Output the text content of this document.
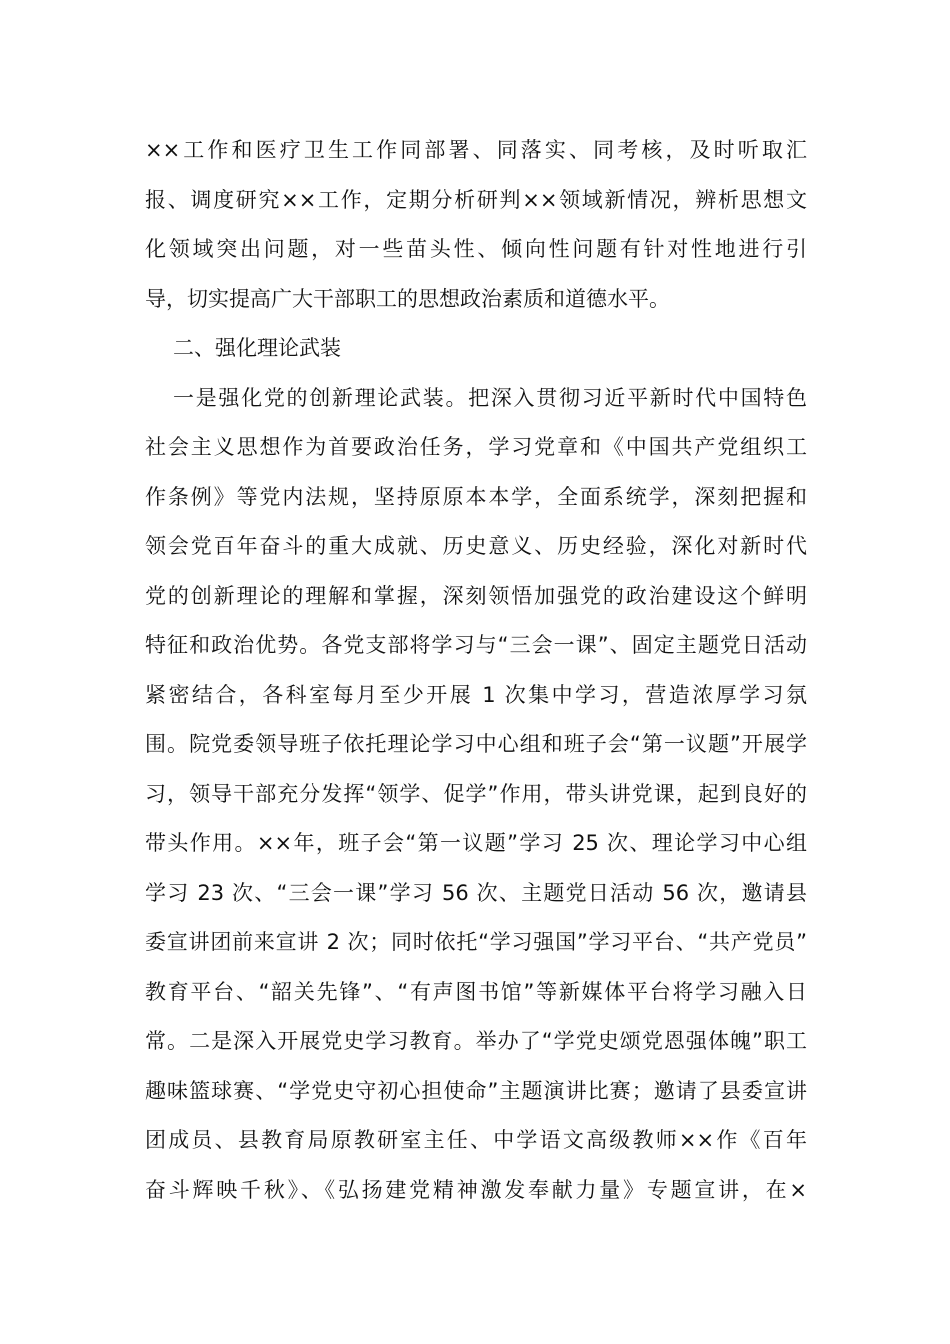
××工作和医疗卫生工作同部署、同落实、同考核，及时听取汇
报、调度研究××工作，定期分析研判××领域新情况，辨析思想文
化领域突出问题，对一些苗头性、倾向性问题有针对性地进行引
导，切实提高广大干部职工的思想政治素质和道德水平。
二、强化理论武装
一是强化党的创新理论武装。把深入贯彻习近平新时代中国特色
社会主义思想作为首要政治任务，学习党章和《中国共产党组织工
作条例》等党内法规，坚持原原本本学，全面系统学，深刻把握和
领会党百年奋斗的重大成就、历史意义、历史经验，深化对新时代
党的创新理论的理解和掌握，深刻领悟加强党的政治建设这个鲜明
特征和政治优势。各党支部将学习与“三会一课”、固定主题党日活动
紧密结合，各科室每月至少开展 1 次集中学习，营造浓厚学习氛
围。院党委领导班子依托理论学习中心组和班子会“第一议题”开展学
习，领导干部充分发挥“领学、促学”作用，带头讲党课，起到良好的
带头作用。××年，班子会“第一议题”学习 25 次、理论学习中心组
学习 23 次、“三会一课”学习 56 次、主题党日活动 56 次，邀请县
委宣讲团前来宣讲 2 次；同时依托“学习强国”学习平台、“共产党员”
教育平台、“韶关先锋”、“有声图书馆”等新媒体平台将学习融入日
常。二是深入开展党史学习教育。举办了“学党史颂党恩强体魄”职工
趣味篮球赛、“学党史守初心担使命”主题演讲比赛；邀请了县委宣讲
团成员、县教育局原教研室主任、中学语文高级教师××作《百年
奋斗辉映千秋》、《弘扬建党精神激发奉献力量》专题宣讲，在×
